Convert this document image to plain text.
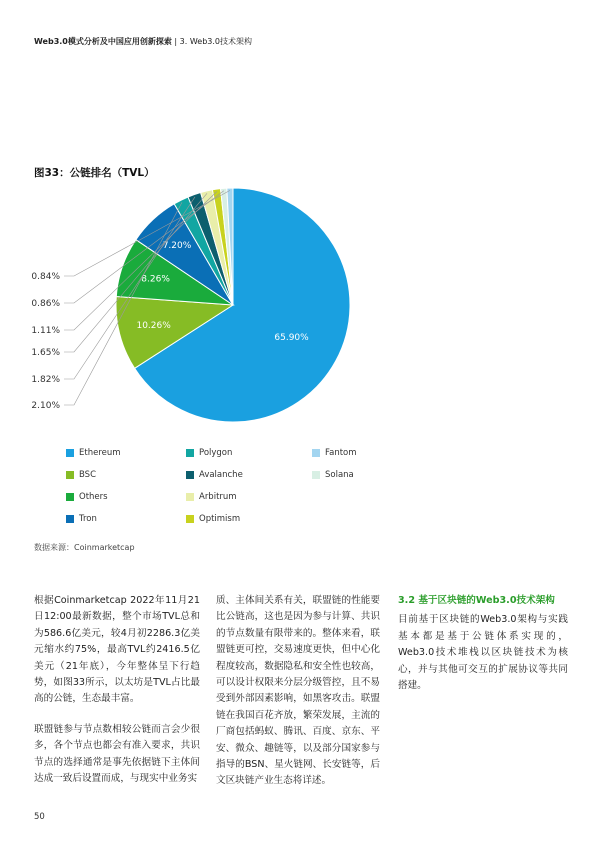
Web3.0模式分析及中国应用创新探索 | 3. Web3.0技术架构
图33：公链排名（TVL）
65.90%
10.26%
8.26%
7.20%
2.10%
1.82%
1.65%
1.11%
0.86%
0.84%
Ethereum	Polygon	Fantom
BSC	Avalanche	Solana
Others	Arbitrum
Tron	Optimism
数据来源：Coinmarketcap

根据Coinmarketcap 2022年11月21日12:00最新数据，整个市场TVL总和为586.6亿美元，较4月初2286.3亿美元缩水约75%，最高TVL约2416.5亿美元（21年底），今年整体呈下行趋势，如图33所示，以太坊是TVL占比最高的公链，生态最丰富。

联盟链参与节点数相较公链而言会少很多，各个节点也都会有准入要求，共识节点的选择通常是事先依据链下主体间达成一致后设置而成，与现实中业务实

质、主体间关系有关，联盟链的性能要比公链高，这也是因为参与计算、共识的节点数量有限带来的。整体来看，联盟链更可控，交易速度更快，但中心化程度较高，数据隐私和安全性也较高，可以设计权限来分层分级管控，且不易受到外部因素影响，如黑客攻击。联盟链在我国百花齐放，繁荣发展，主流的厂商包括蚂蚁、腾讯、百度、京东、平安、微众、趣链等，以及部分国家参与指导的BSN、星火链网、长安链等，后文区块链产业生态将详述。

3.2 基于区块链的Web3.0技术架构

目前基于区块链的Web3.0架构与实践基本都是基于公链体系实现的，Web3.0技术堆栈以区块链技术为核心，并与其他可交互的扩展协议等共同搭建。

50
